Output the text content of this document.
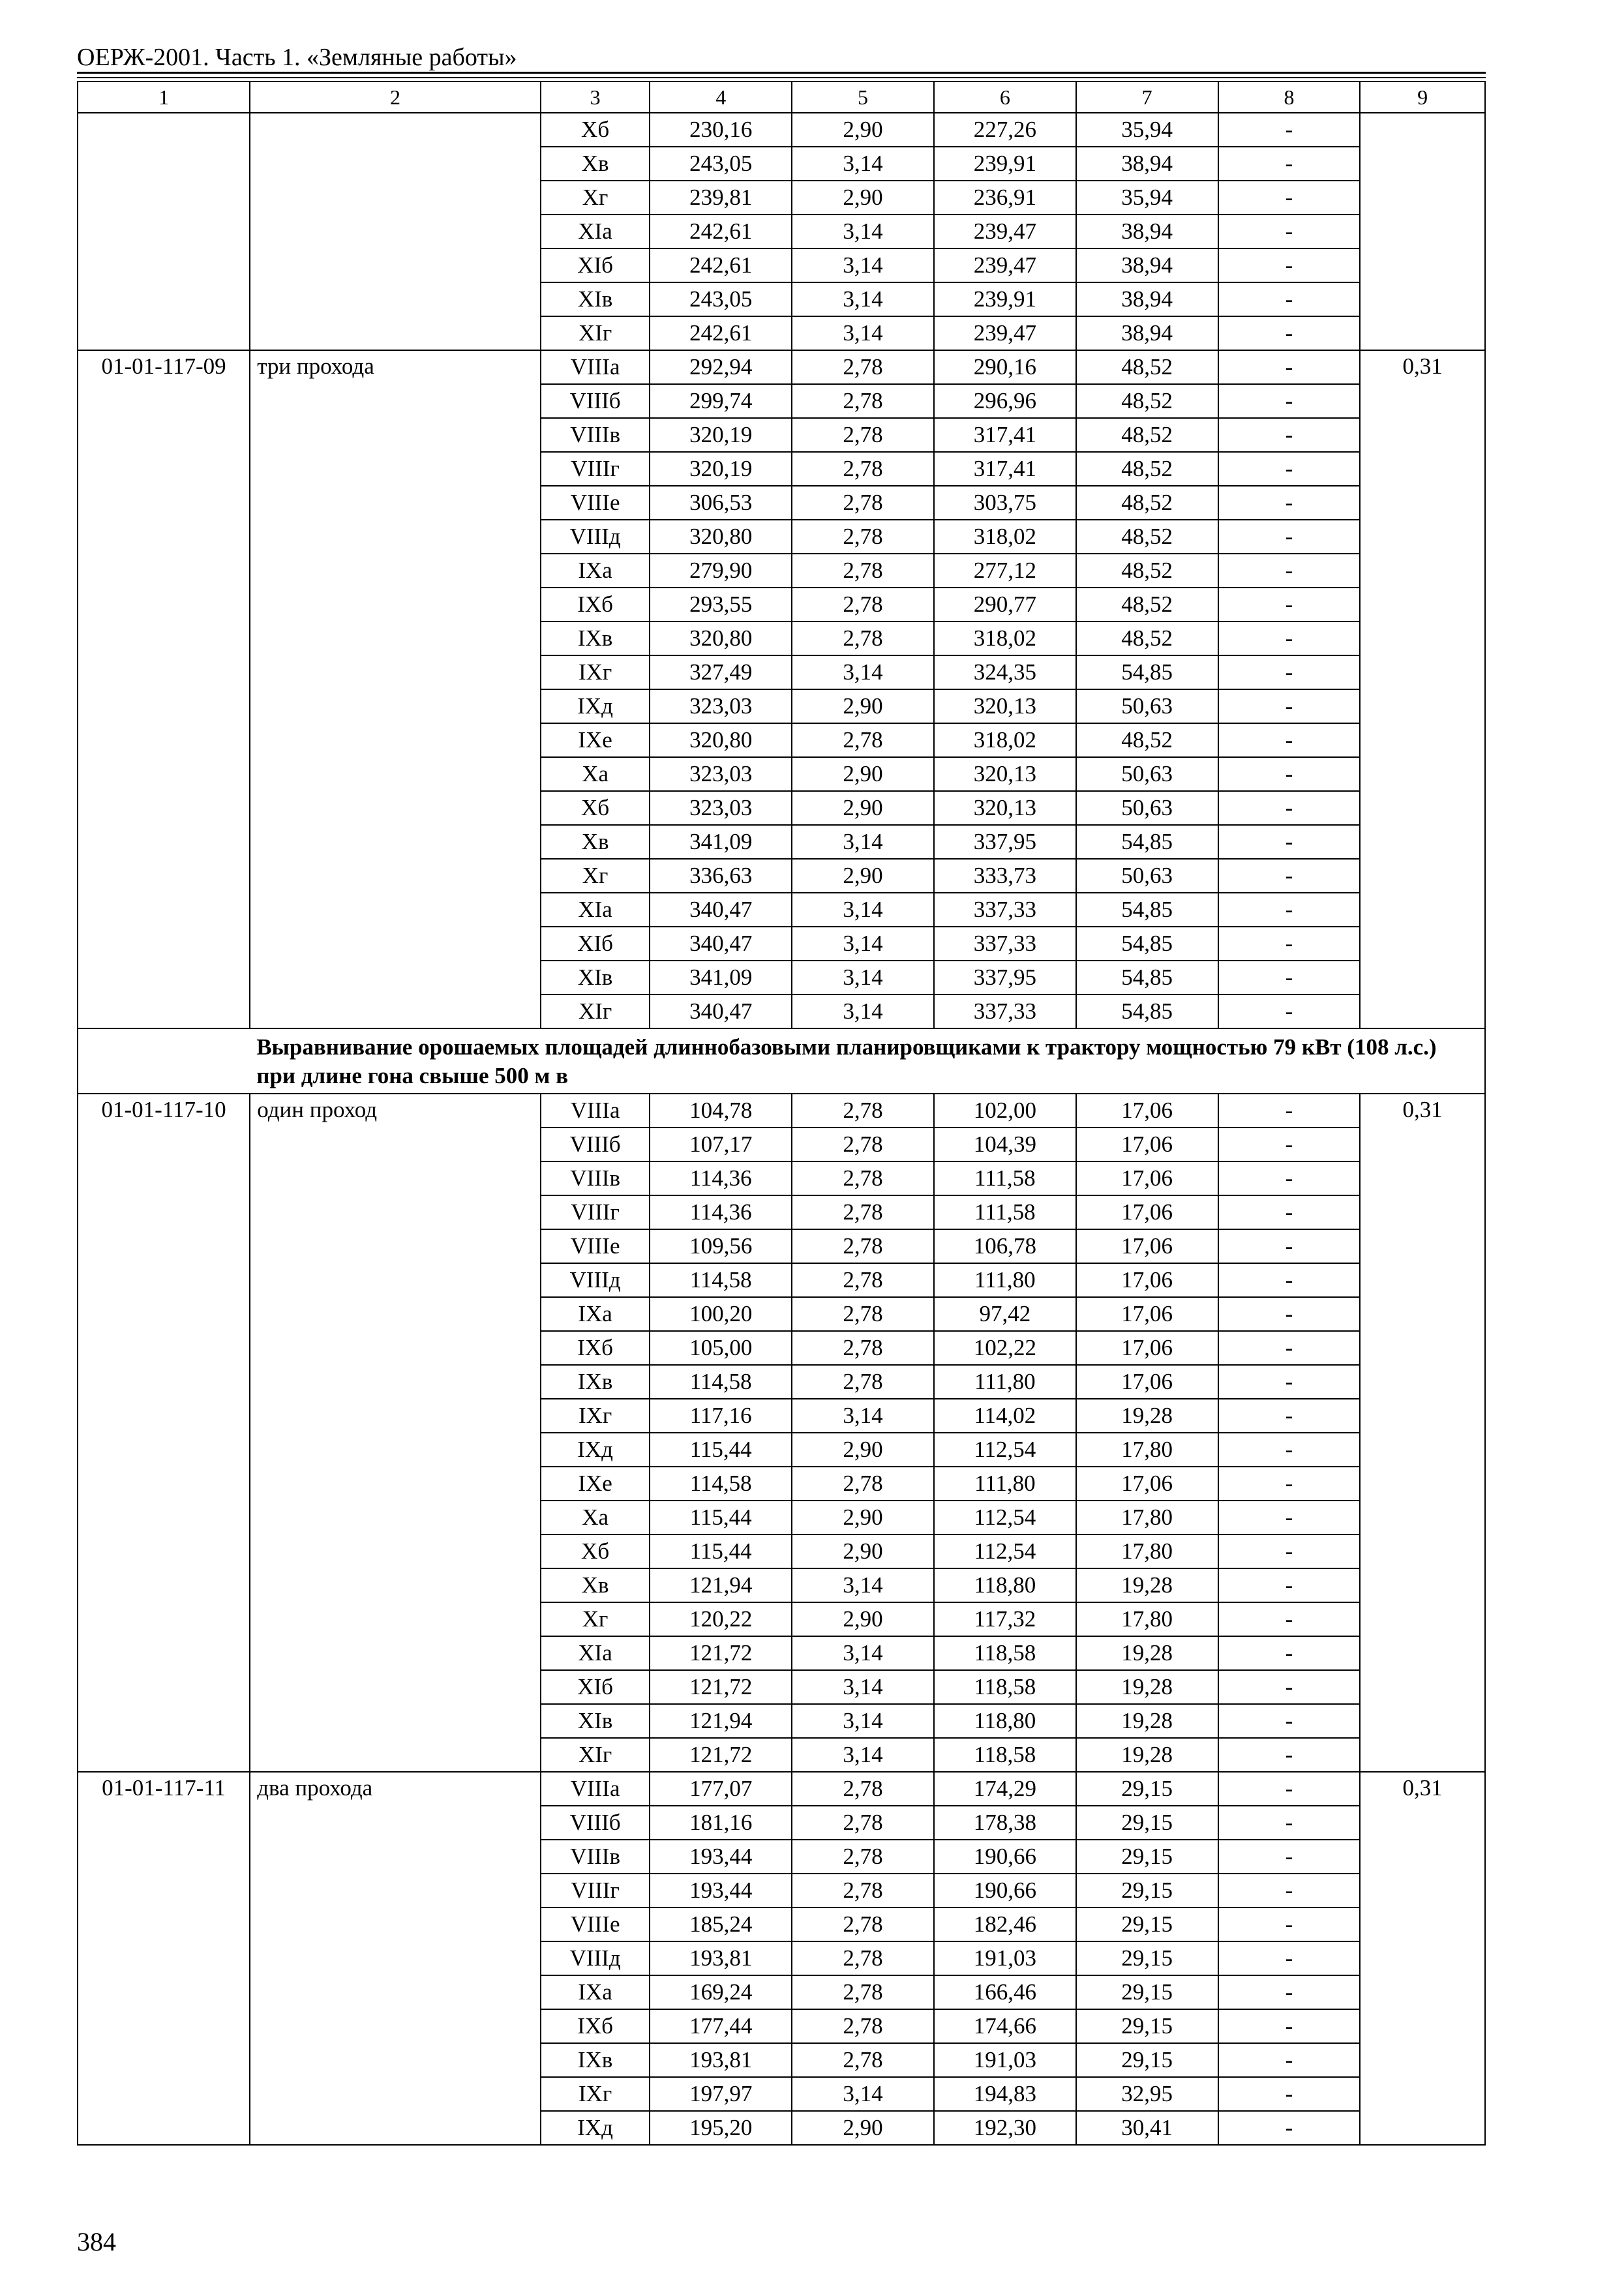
ОЕРЖ-2001. Часть 1. «Земляные работы»
1	2	3	4	5	6	7	8	9
		Хб	230,16	2,90	227,26	35,94	-	
		Хв	243,05	3,14	239,91	38,94	-	
		Хг	239,81	2,90	236,91	35,94	-	
		ХIа	242,61	3,14	239,47	38,94	-	
		ХIб	242,61	3,14	239,47	38,94	-	
		ХIв	243,05	3,14	239,91	38,94	-	
		ХIг	242,61	3,14	239,47	38,94	-	
01-01-117-09	три прохода	VIIIа	292,94	2,78	290,16	48,52	-	0,31
		VIIIб	299,74	2,78	296,96	48,52	-	
		VIIIв	320,19	2,78	317,41	48,52	-	
		VIIIг	320,19	2,78	317,41	48,52	-	
		VIIIе	306,53	2,78	303,75	48,52	-	
		VIIIд	320,80	2,78	318,02	48,52	-	
		IХа	279,90	2,78	277,12	48,52	-	
		IХб	293,55	2,78	290,77	48,52	-	
		IХв	320,80	2,78	318,02	48,52	-	
		IХг	327,49	3,14	324,35	54,85	-	
		IХд	323,03	2,90	320,13	50,63	-	
		IХе	320,80	2,78	318,02	48,52	-	
		Ха	323,03	2,90	320,13	50,63	-	
		Хб	323,03	2,90	320,13	50,63	-	
		Хв	341,09	3,14	337,95	54,85	-	
		Хг	336,63	2,90	333,73	50,63	-	
		ХIа	340,47	3,14	337,33	54,85	-	
		ХIб	340,47	3,14	337,33	54,85	-	
		ХIв	341,09	3,14	337,95	54,85	-	
		ХIг	340,47	3,14	337,33	54,85	-	
	Выравнивание орошаемых площадей длиннобазовыми планировщиками к трактору мощностью 79 кВт (108 л.с.) при длине гона свыше 500 м в							
01-01-117-10	один проход	VIIIа	104,78	2,78	102,00	17,06	-	0,31
		VIIIб	107,17	2,78	104,39	17,06	-	
		VIIIв	114,36	2,78	111,58	17,06	-	
		VIIIг	114,36	2,78	111,58	17,06	-	
		VIIIе	109,56	2,78	106,78	17,06	-	
		VIIIд	114,58	2,78	111,80	17,06	-	
		IХа	100,20	2,78	97,42	17,06	-	
		IХб	105,00	2,78	102,22	17,06	-	
		IХв	114,58	2,78	111,80	17,06	-	
		IХг	117,16	3,14	114,02	19,28	-	
		IХд	115,44	2,90	112,54	17,80	-	
		IХе	114,58	2,78	111,80	17,06	-	
		Ха	115,44	2,90	112,54	17,80	-	
		Хб	115,44	2,90	112,54	17,80	-	
		Хв	121,94	3,14	118,80	19,28	-	
		Хг	120,22	2,90	117,32	17,80	-	
		ХIа	121,72	3,14	118,58	19,28	-	
		ХIб	121,72	3,14	118,58	19,28	-	
		ХIв	121,94	3,14	118,80	19,28	-	
		ХIг	121,72	3,14	118,58	19,28	-	
01-01-117-11	два прохода	VIIIа	177,07	2,78	174,29	29,15	-	0,31
		VIIIб	181,16	2,78	178,38	29,15	-	
		VIIIв	193,44	2,78	190,66	29,15	-	
		VIIIг	193,44	2,78	190,66	29,15	-	
		VIIIе	185,24	2,78	182,46	29,15	-	
		VIIIд	193,81	2,78	191,03	29,15	-	
		IХа	169,24	2,78	166,46	29,15	-	
		IХб	177,44	2,78	174,66	29,15	-	
		IХв	193,81	2,78	191,03	29,15	-	
		IХг	197,97	3,14	194,83	32,95	-	
		IХд	195,20	2,90	192,30	30,41	-	
384
